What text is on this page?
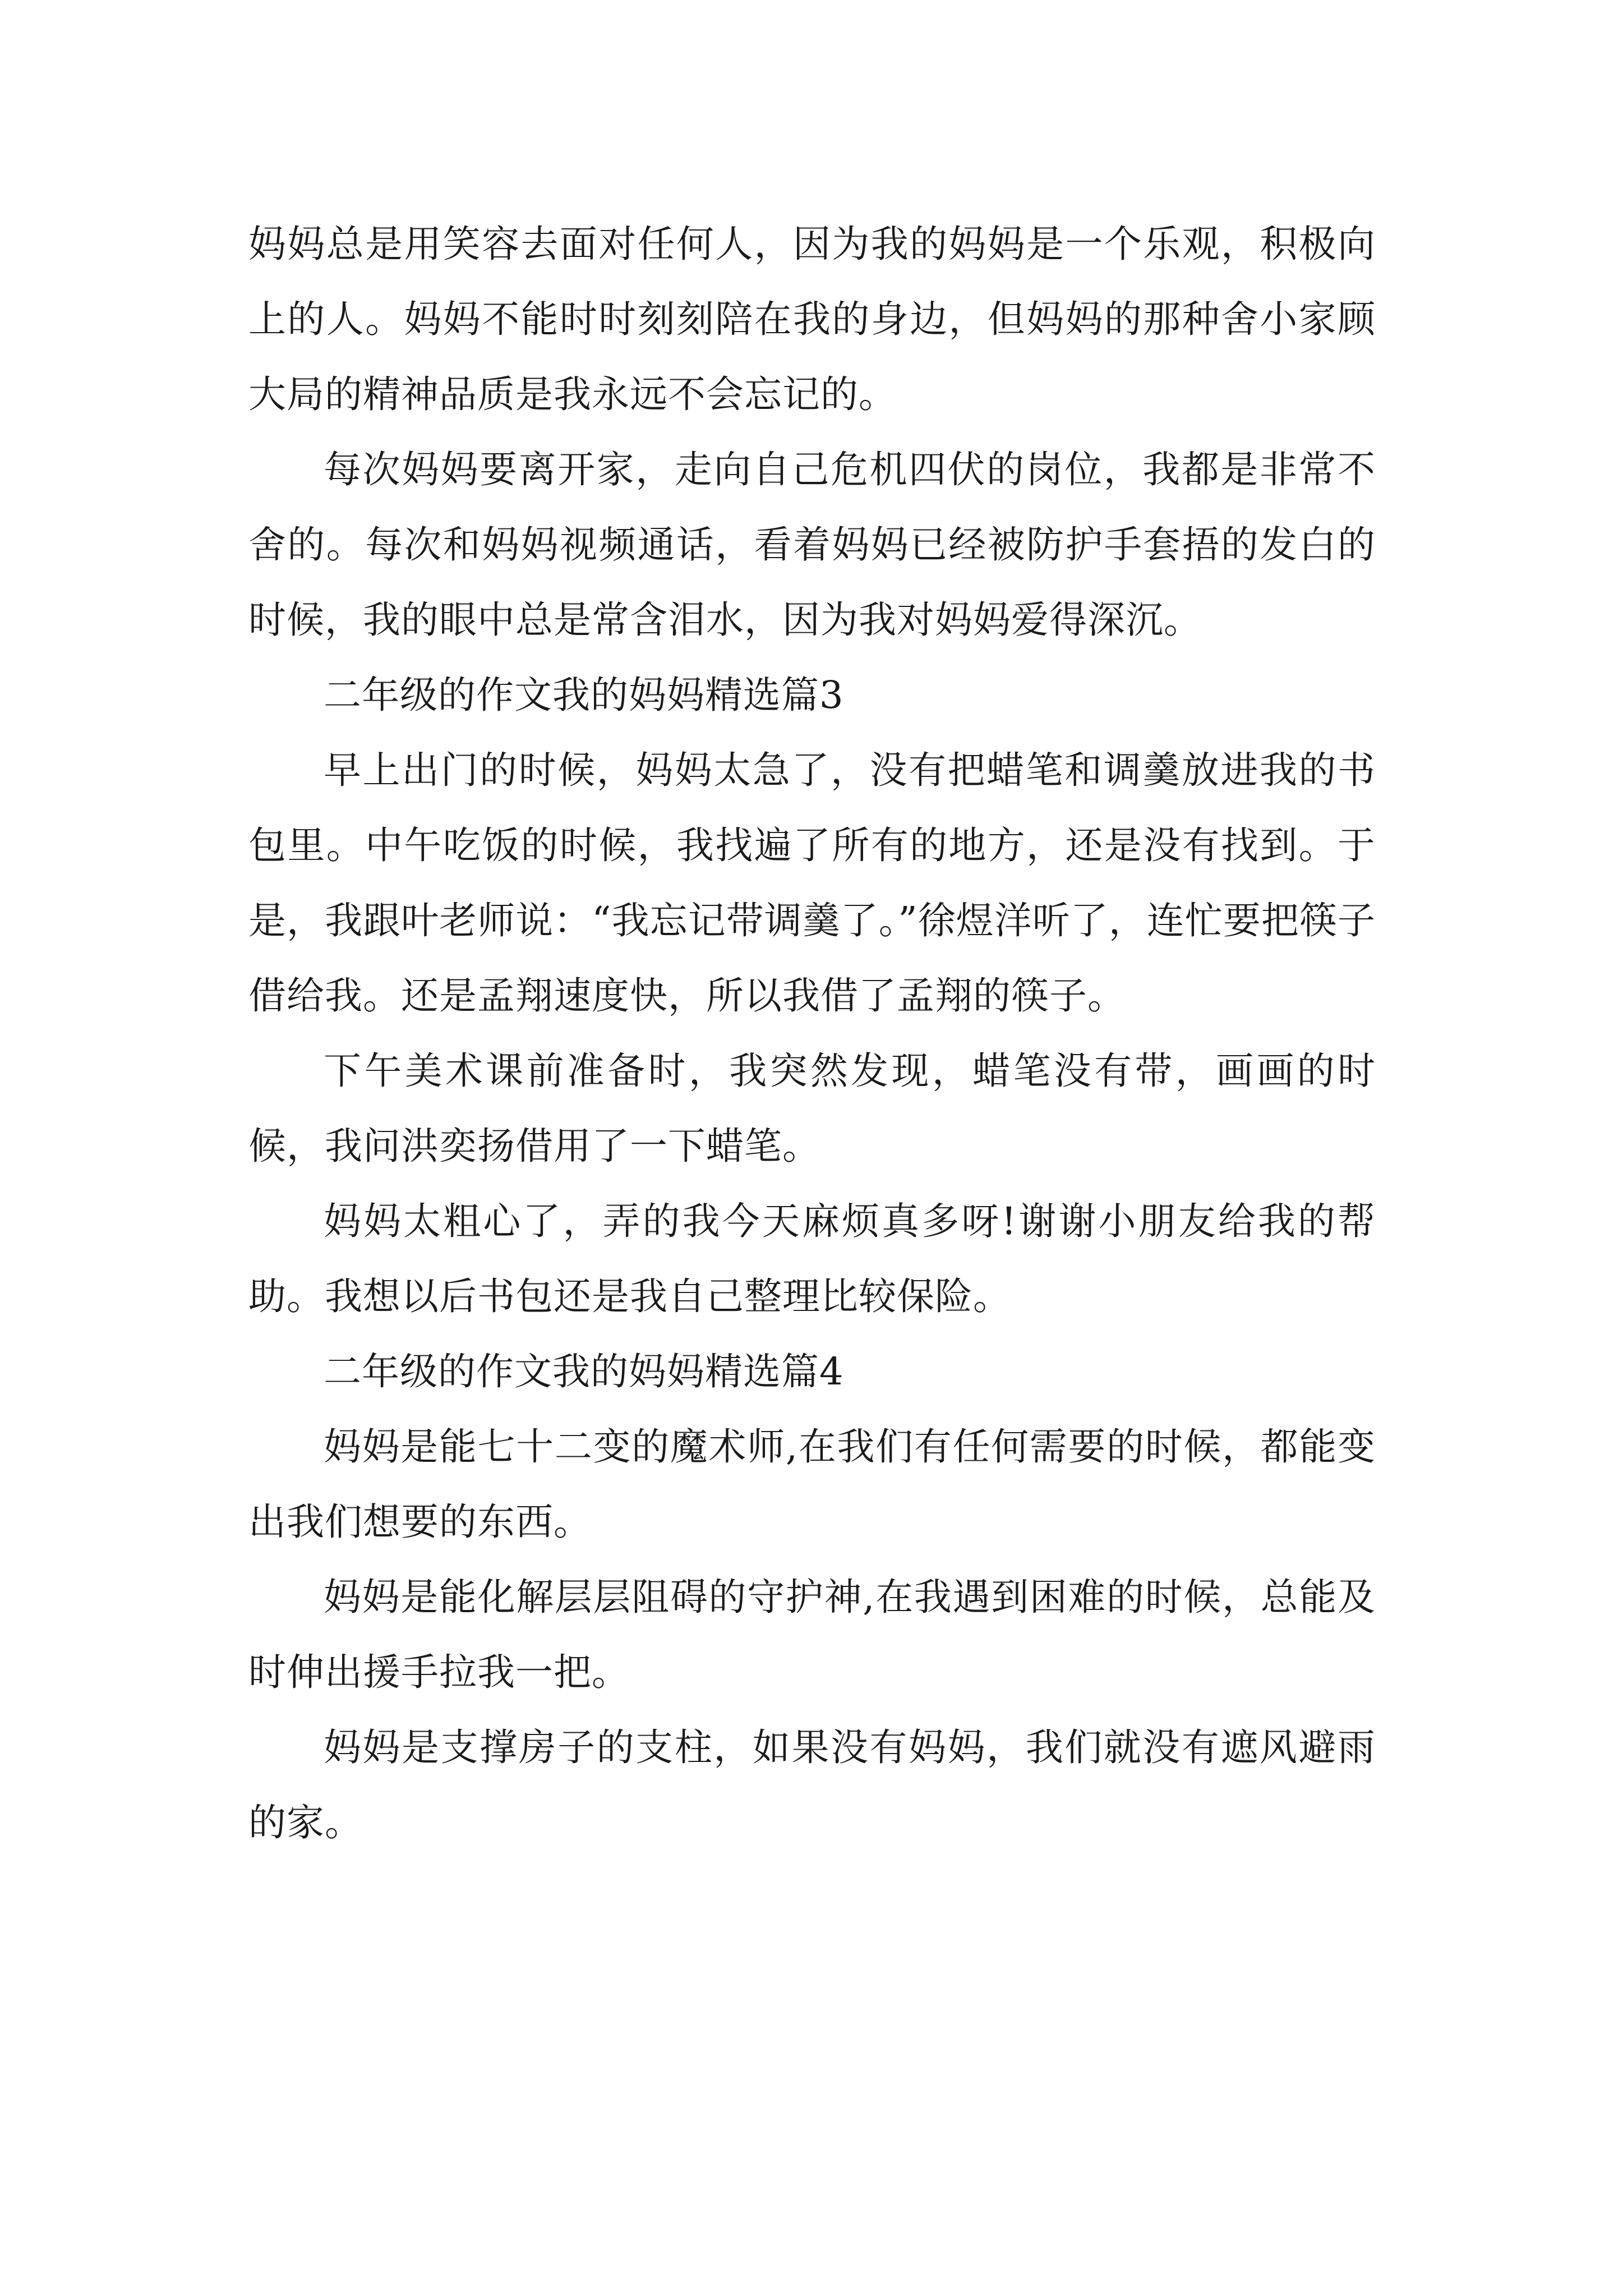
妈妈总是用笑容去面对任何人，因为我的妈妈是一个乐观，积极向上的人。妈妈不能时时刻刻陪在我的身边，但妈妈的那种舍小家顾大局的精神品质是我永远不会忘记的。

每次妈妈要离开家，走向自己危机四伏的岗位，我都是非常不舍的。每次和妈妈视频通话，看着妈妈已经被防护手套捂的发白的时候，我的眼中总是常含泪水，因为我对妈妈爱得深沉。

二年级的作文我的妈妈精选篇3

早上出门的时候，妈妈太急了，没有把蜡笔和调羹放进我的书包里。中午吃饭的时候，我找遍了所有的地方，还是没有找到。于是，我跟叶老师说：“我忘记带调羹了。”徐煜洋听了，连忙要把筷子借给我。还是孟翔速度快，所以我借了孟翔的筷子。

下午美术课前准备时，我突然发现，蜡笔没有带，画画的时候，我问洪奕扬借用了一下蜡笔。

妈妈太粗心了，弄的我今天麻烦真多呀!谢谢小朋友给我的帮助。我想以后书包还是我自己整理比较保险。

二年级的作文我的妈妈精选篇4

妈妈是能七十二变的魔术师,在我们有任何需要的时候，都能变出我们想要的东西。

妈妈是能化解层层阻碍的守护神,在我遇到困难的时候，总能及时伸出援手拉我一把。

妈妈是支撑房子的支柱，如果没有妈妈，我们就没有遮风避雨的家。
